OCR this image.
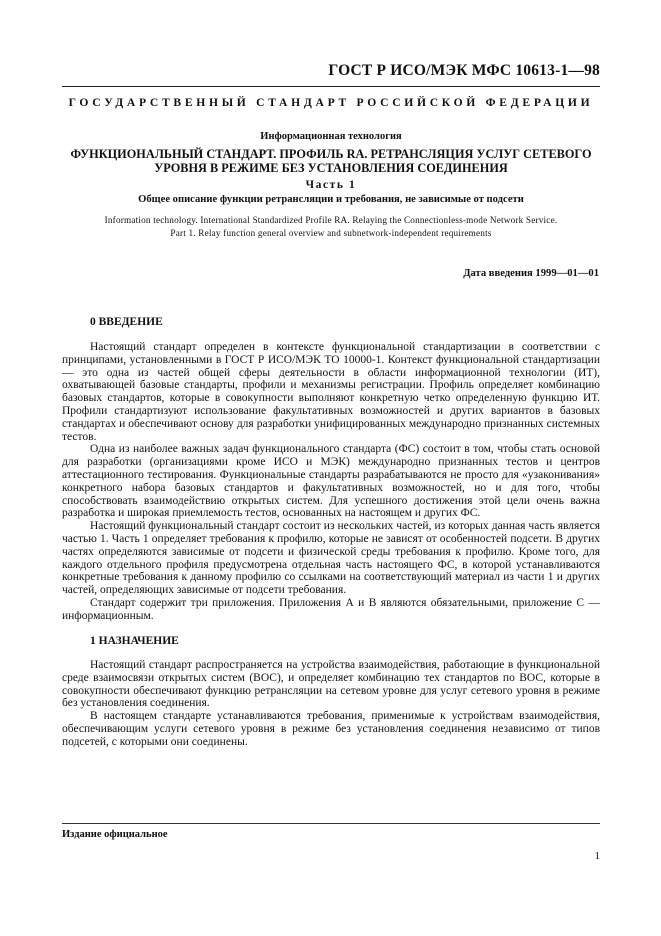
ГОСТ Р ИСО/МЭК МФС 10613-1—98
ГОСУДАРСТВЕННЫЙ СТАНДАРТ РОССИЙСКОЙ ФЕДЕРАЦИИ
Информационная технология
ФУНКЦИОНАЛЬНЫЙ СТАНДАРТ. ПРОФИЛЬ RA. РЕТРАНСЛЯЦИЯ УСЛУГ СЕТЕВОГО
УРОВНЯ В РЕЖИМЕ БЕЗ УСТАНОВЛЕНИЯ СОЕДИНЕНИЯ
Часть 1
Общее описание функции ретрансляции и требования, не зависимые от подсети
Information technology. International Standardized Profile RA. Relaying the Connectionless-mode Network Service.
Part 1. Relay function general overview and subnetwork-independent requirements
Дата введения 1999—01—01
0 ВВЕДЕНИЕ

Настоящий стандарт определен в контексте функциональной стандартизации в соответствии с принципами, установленными в ГОСТ Р ИСО/МЭК ТО 10000-1. Контекст функциональной стандартизации — это одна из частей общей сферы деятельности в области информационной технологии (ИТ), охватывающей базовые стандарты, профили и механизмы регистрации. Профиль определяет комбинацию базовых стандартов, которые в совокупности выполняют конкретную четко определенную функцию ИТ. Профили стандартизуют использование факультативных возможностей и других вариантов в базовых стандартах и обеспечивают основу для разработки унифицированных международно признанных системных тестов.

Одна из наиболее важных задач функционального стандарта (ФС) состоит в том, чтобы стать основой для разработки (организациями кроме ИСО и МЭК) международно признанных тестов и центров аттестационного тестирования. Функциональные стандарты разрабатываются не просто для «узаконивания» конкретного набора базовых стандартов и факультативных возможностей, но и для того, чтобы способствовать взаимодействию открытых систем. Для успешного достижения этой цели очень важна разработка и широкая приемлемость тестов, основанных на настоящем и других ФС.

Настоящий функциональный стандарт состоит из нескольких частей, из которых данная часть является частью 1. Часть 1 определяет требования к профилю, которые не зависят от особенностей подсети. В других частях определяются зависимые от подсети и физической среды требования к профилю. Кроме того, для каждого отдельного профиля предусмотрена отдельная часть настоящего ФС, в которой устанавливаются конкретные требования к данному профилю со ссылками на соответствующий материал из части 1 и других частей, определяющих зависимые от подсети требования.

Стандарт содержит три приложения. Приложения А и В являются обязательными, приложение С — информационным.

1 НАЗНАЧЕНИЕ

Настоящий стандарт распространяется на устройства взаимодействия, работающие в функциональной среде взаимосвязи открытых систем (ВОС), и определяет комбинацию тех стандартов по ВОС, которые в совокупности обеспечивают функцию ретрансляции на сетевом уровне для услуг сетевого уровня в режиме без установления соединения.

В настоящем стандарте устанавливаются требования, применимые к устройствам взаимодействия, обеспечивающим услуги сетевого уровня в режиме без установления соединения независимо от типов подсетей, с которыми они соединены.

Издание официальное
1
